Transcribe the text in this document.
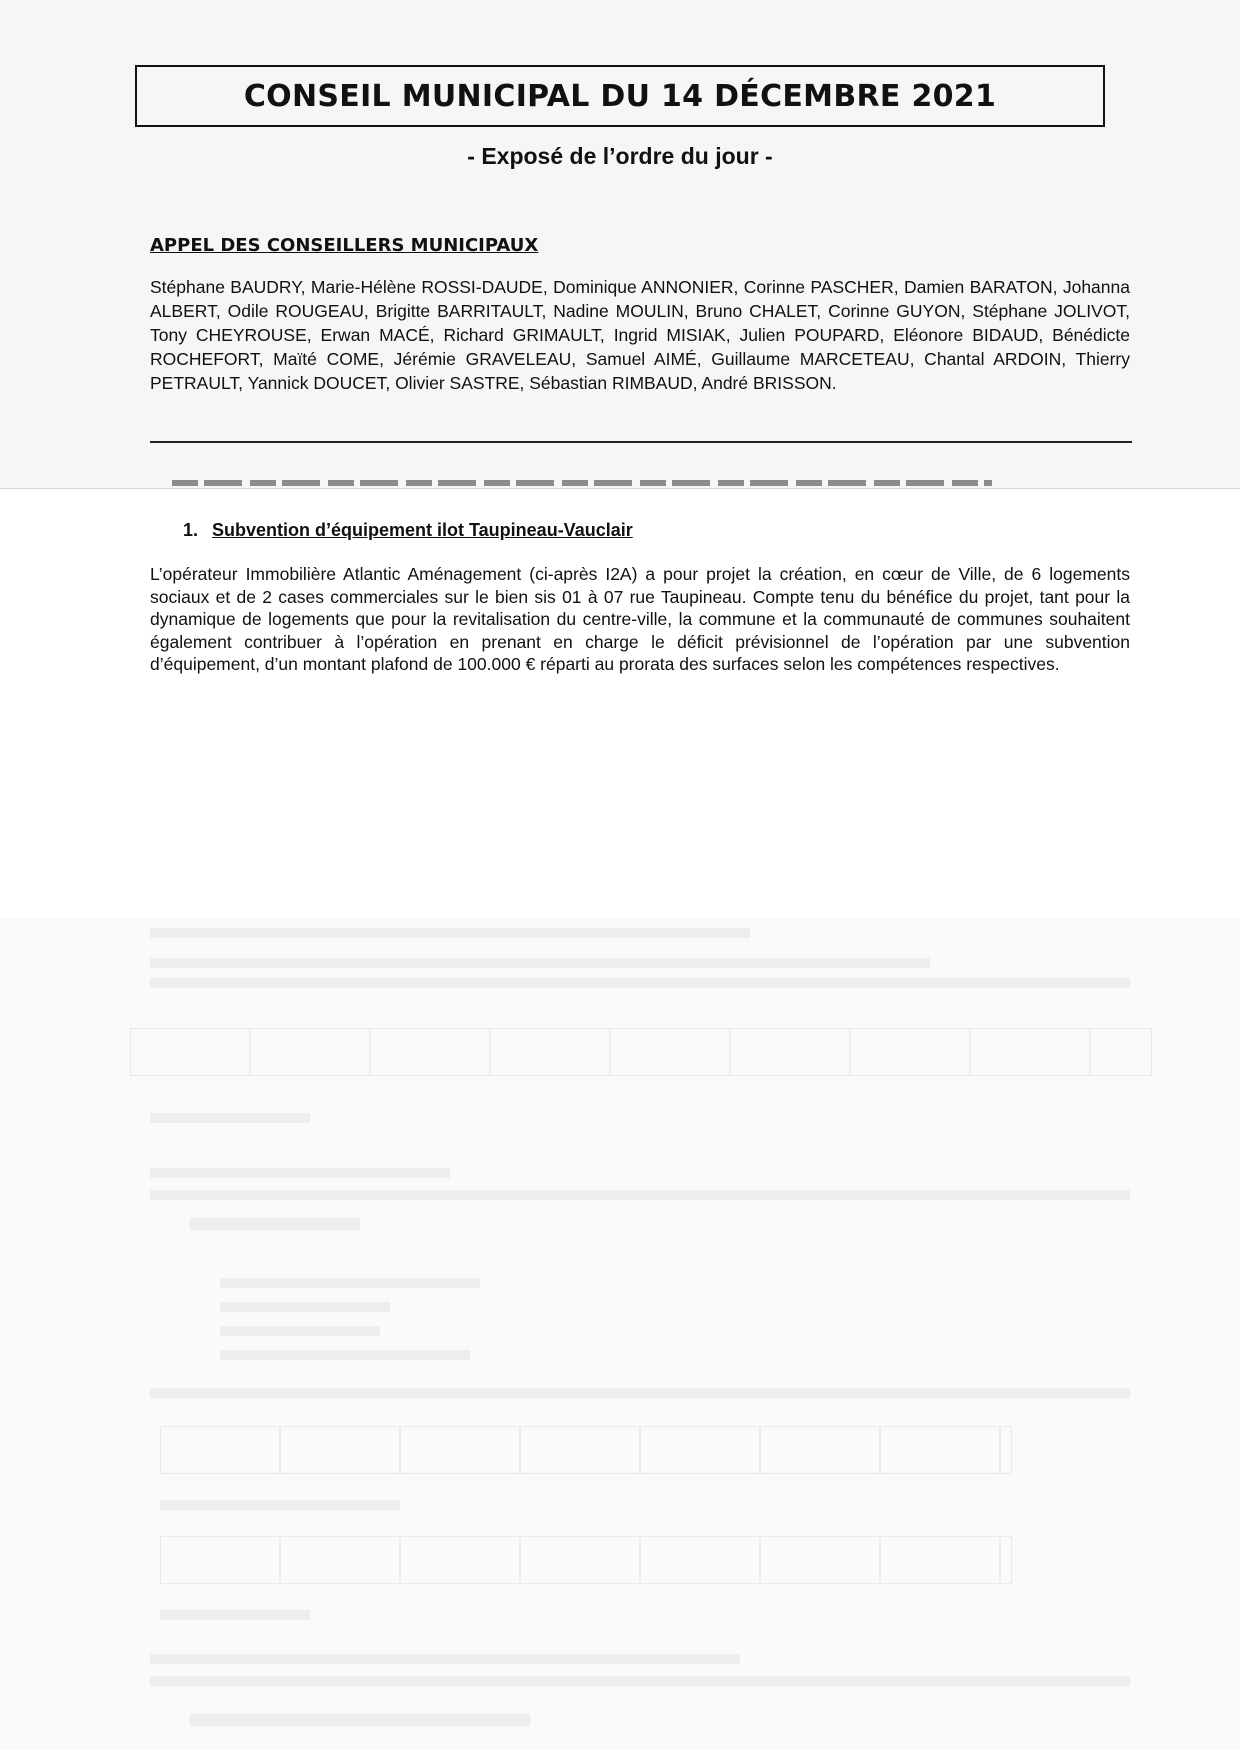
CONSEIL MUNICIPAL DU 14 DÉCEMBRE 2021

- Exposé de l’ordre du jour -

APPEL DES CONSEILLERS MUNICIPAUX

Stéphane BAUDRY, Marie-Hélène ROSSI-DAUDE, Dominique ANNONIER, Corinne PASCHER, Damien BARATON, Johanna ALBERT, Odile ROUGEAU, Brigitte BARRITAULT, Nadine MOULIN, Bruno CHALET, Corinne GUYON, Stéphane JOLIVOT, Tony CHEYROUSE, Erwan MACÉ, Richard GRIMAULT, Ingrid MISIAK, Julien POUPARD, Eléonore BIDAUD, Bénédicte ROCHEFORT, Maïté COME, Jérémie GRAVELEAU, Samuel AIMÉ, Guillaume MARCETEAU, Chantal ARDOIN, Thierry PETRAULT, Yannick DOUCET, Olivier SASTRE, Sébastian RIMBAUD, André BRISSON.

1. Subvention d’équipement ilot Taupineau-Vauclair

L’opérateur Immobilière Atlantic Aménagement (ci-après I2A) a pour projet la création, en cœur de Ville, de 6 logements sociaux et de 2 cases commerciales sur le bien sis 01 à 07 rue Taupineau. Compte tenu du bénéfice du projet, tant pour la dynamique de logements que pour la revitalisation du centre-ville, la commune et la communauté de communes souhaitent également contribuer à l’opération en prenant en charge le déficit prévisionnel de l’opération par une subvention d’équipement, d’un montant plafond de 100.000 € réparti au prorata des surfaces selon les compétences respectives.
